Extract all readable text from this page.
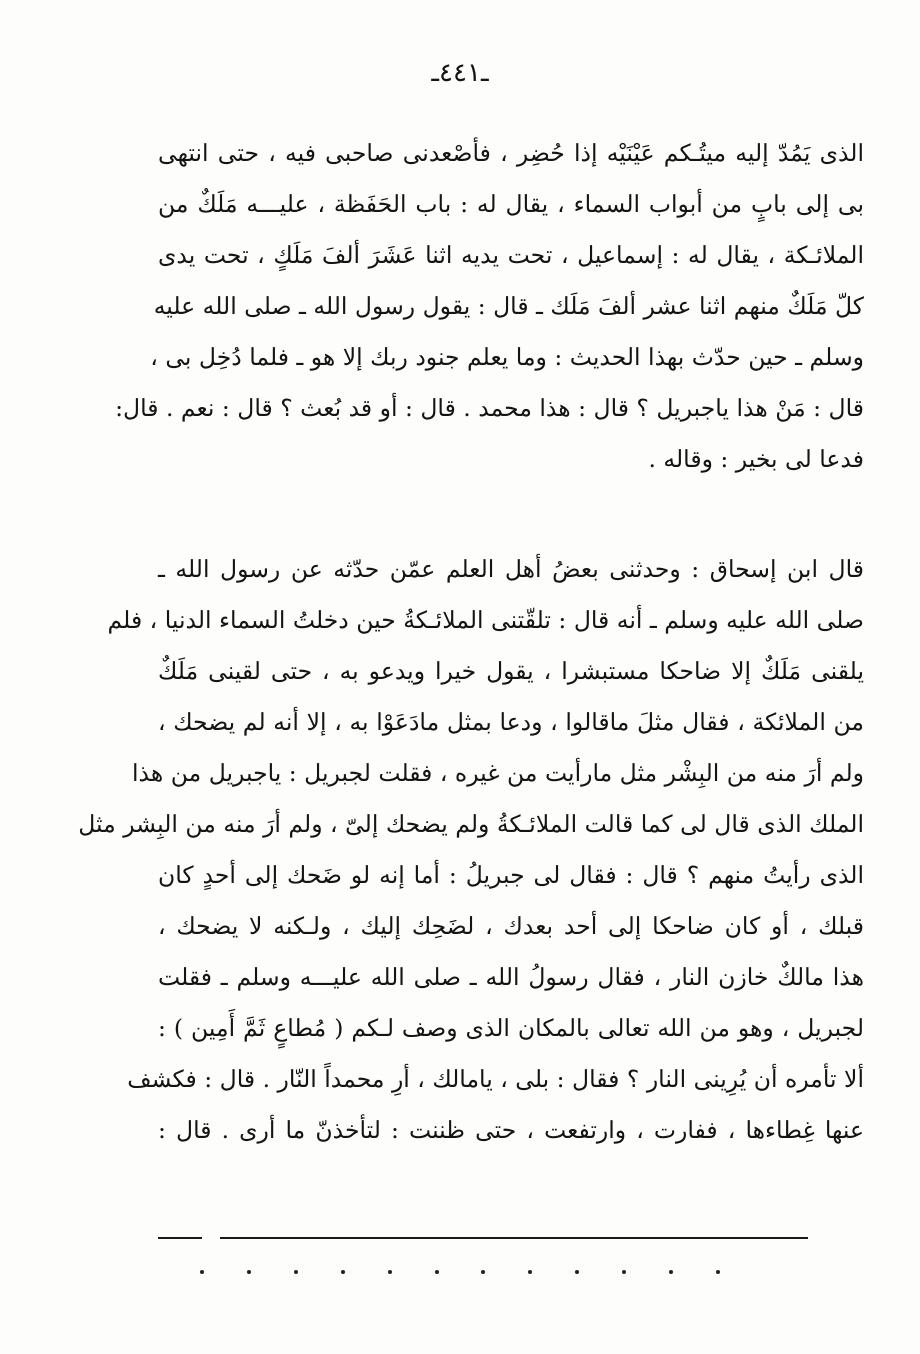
ـ٤٤١ـ
الذى يَمُدّ إليه ميتُـكم عَيْنَيْه إذا حُضِر ، فأصْعدنى صاحبى فيه ، حتى انتهى
بى إلى بابٍ من أبواب السماء ، يقال له : باب الحَفَظة ، عليـــه مَلَكٌ من
الملائـكة ، يقال له : إسماعيل ، تحت يديه اثنا عَشَرَ ألفَ مَلَكٍ ، تحت يدى
كلّ مَلَكٌ منهم اثنا عشر ألفَ مَلَك ـ قال : يقول رسول الله ـ صلى الله عليه
وسلم ـ حين حدّث بهذا الحديث : وما يعلم جنود ربك إلا هو ـ فلما دُخِل بى ،
قال : مَنْ هذا ياجبريل ؟ قال : هذا محمد . قال : أو قد بُعث ؟ قال : نعم . قال:
فدعا لى بخير : وقاله .
قال ابن إسحاق : وحدثنى بعضُ أهل العلم عمّن حدّثه عن رسول الله ـ
صلى الله عليه وسلم ـ أنه قال : تلقّتنى الملائـكةُ حين دخلتُ السماء الدنيا ، فلم
يلقنى مَلَكٌ إلا ضاحكا مستبشرا ، يقول خيرا ويدعو به ، حتى لقينى مَلَكٌ
من الملائكة ، فقال مثلَ ماقالوا ، ودعا بمثل مادَعَوْا به ، إلا أنه لم يضحك ،
ولم أرَ منه من البِشْر مثل مارأيت من غيره ، فقلت لجبريل : ياجبريل من هذا
الملك الذى قال لى كما قالت الملائـكةُ ولم يضحك إلىّ ، ولم أرَ منه من البِشر مثل
الذى رأيتُ منهم ؟ قال : فقال لى جبريلُ : أما إنه لو ضَحك إلى أحدٍ كان
قبلك ، أو كان ضاحكا إلى أحد بعدك ، لضَحِك إليك ، ولـكنه لا يضحك ،
هذا مالكٌ خازن النار ، فقال رسولُ الله ـ صلى الله عليـــه وسلم ـ فقلت
لجبريل ، وهو من الله تعالى بالمكان الذى وصف لـكم ( مُطاعٍ ثَمَّ أَمِين ) :
ألا تأمره أن يُرِينى النار ؟ فقال : بلى ، يامالك ، أرِ محمداً النّار . قال : فكشف
عنها غِطاءها ، ففارت ، وارتفعت ، حتى ظننت : لتأخذنّ ما أرى . قال :
